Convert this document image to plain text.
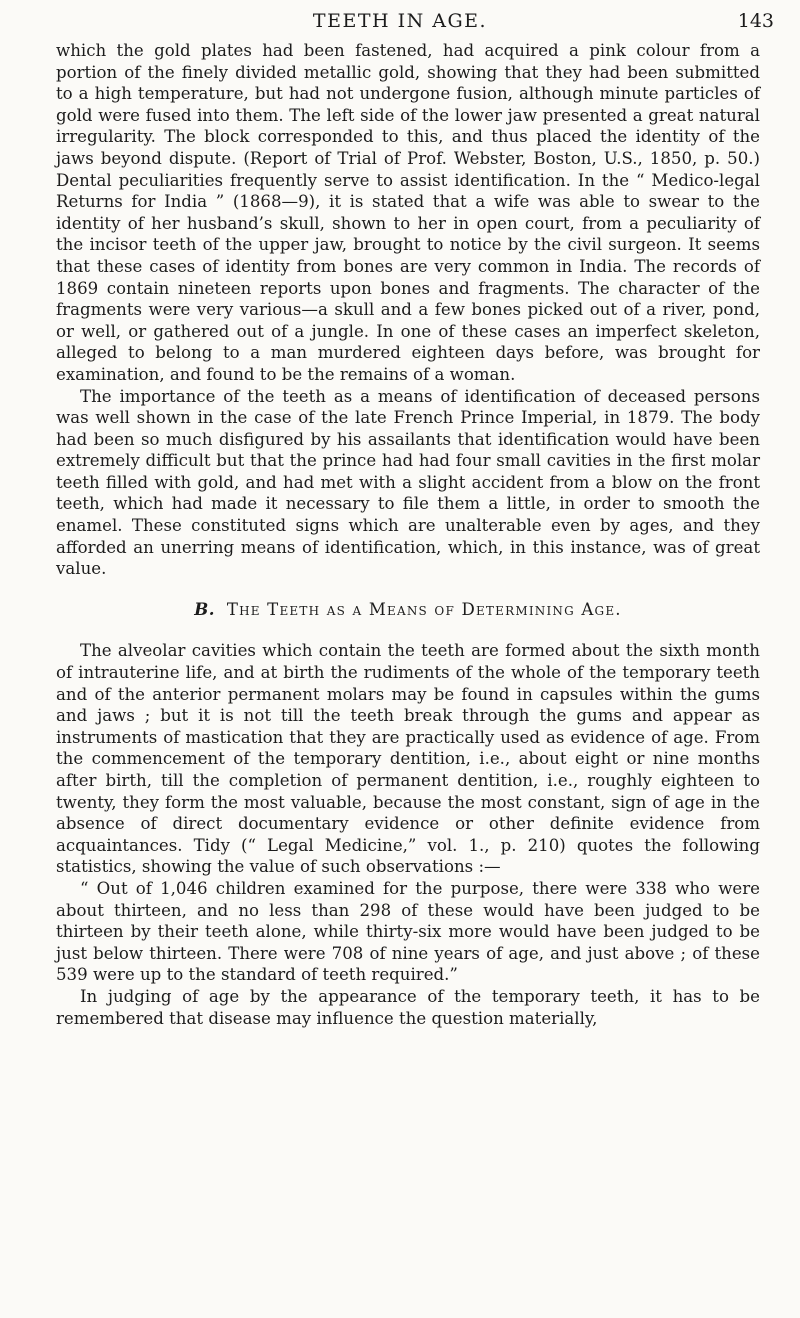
TEETH IN AGE.	143

which the gold plates had been fastened, had acquired a pink colour from a portion of the finely divided metallic gold, showing that they had been submitted to a high temperature, but had not undergone fusion, although minute particles of gold were fused into them. The left side of the lower jaw presented a great natural irregularity. The block corresponded to this, and thus placed the identity of the jaws beyond dispute. (Report of Trial of Prof. Webster, Boston, U.S., 1850, p. 50.) Dental peculiarities frequently serve to assist identification. In the “ Medico-legal Returns for India ” (1868—9), it is stated that a wife was able to swear to the identity of her husband’s skull, shown to her in open court, from a peculiarity of the incisor teeth of the upper jaw, brought to notice by the civil surgeon. It seems that these cases of identity from bones are very common in India. The records of 1869 contain nineteen reports upon bones and fragments. The character of the fragments were very various—a skull and a few bones picked out of a river, pond, or well, or gathered out of a jungle. In one of these cases an imperfect skeleton, alleged to belong to a man murdered eighteen days before, was brought for examination, and found to be the remains of a woman.

The importance of the teeth as a means of identification of deceased persons was well shown in the case of the late French Prince Imperial, in 1879. The body had been so much disfigured by his assailants that identification would have been extremely difficult but that the prince had had four small cavities in the first molar teeth filled with gold, and had met with a slight accident from a blow on the front teeth, which had made it necessary to file them a little, in order to smooth the enamel. These constituted signs which are unalterable even by ages, and they afforded an unerring means of identification, which, in this instance, was of great value.

B. The Teeth as a Means of Determining Age.

The alveolar cavities which contain the teeth are formed about the sixth month of intrauterine life, and at birth the rudiments of the whole of the temporary teeth and of the anterior permanent molars may be found in capsules within the gums and jaws ; but it is not till the teeth break through the gums and appear as instruments of mastication that they are practically used as evidence of age. From the commencement of the temporary dentition, i.e., about eight or nine months after birth, till the completion of permanent dentition, i.e., roughly eighteen to twenty, they form the most valuable, because the most constant, sign of age in the absence of direct documentary evidence or other definite evidence from acquaintances. Tidy (“ Legal Medicine,” vol. 1., p. 210) quotes the following statistics, showing the value of such observations :—

“ Out of 1,046 children examined for the purpose, there were 338 who were about thirteen, and no less than 298 of these would have been judged to be thirteen by their teeth alone, while thirty-six more would have been judged to be just below thirteen. There were 708 of nine years of age, and just above ; of these 539 were up to the standard of teeth required.”

In judging of age by the appearance of the temporary teeth, it has to be remembered that disease may influence the question materially,
